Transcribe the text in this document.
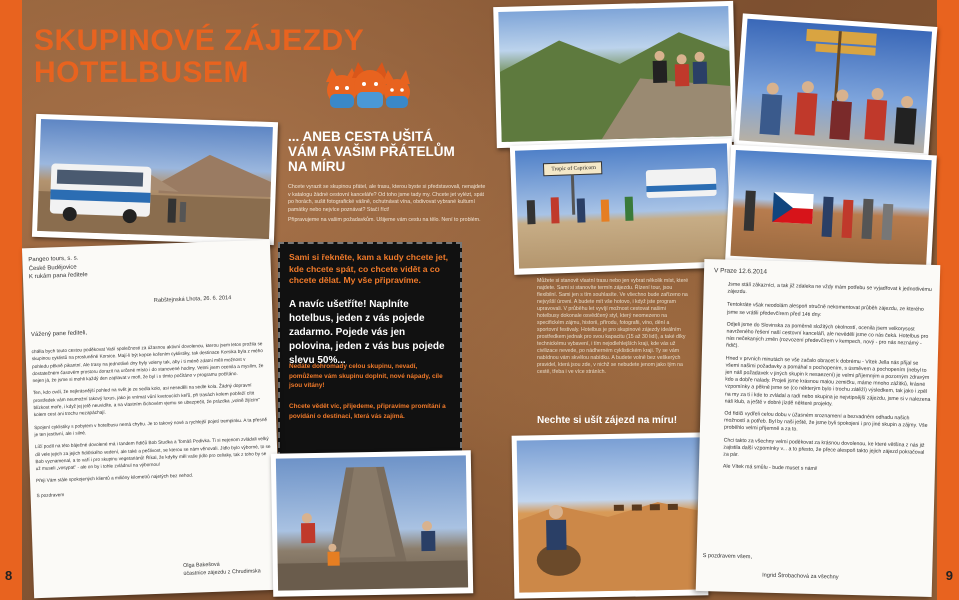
8	9
SKUPINOVÉ ZÁJEZDY
HOTELBUSEM
... ANEB CESTA UŠITÁ
VÁM A VAŠIM PŘÁTELŮM
NA MÍRU
Chcete vyrazit se skupinou přátel, ale trasu, kterou byste si představovali, nenajdete v katalogu žádné cestovní kanceláře? Od toho jsme tady my. Chcete jet vylézt, spát po horách, sušit fotografické vášně, ochutnávat vína, obdivovat vybrané kulturní památky nebo nejvíce poznávat? Stačí říct!
Připravujeme na vašim požadavkům. Ušijeme vám cestu na tělo. Není to problém.
Sami si řekněte, kam a kudy chcete jet, kde chcete spát, co chcete vidět a co chcete dělat. My vše připravíme.
A navíc ušetříte! Naplníte hotelbus, jeden z vás pojede zadarmo. Pojede vás jen polovina, jeden z vás bus pojede slevu 50%...
Nedáte dohromady celou skupinu, nevadí, pomůžeme vám skupinu doplnit, nové nápady, cíle jsou vítány!
Chcete vědět víc, přijedeme, připravíme promítání a povídání o destinaci, která vás zajímá.
Pangeo tours, s. s.
České Budějovice
K rukám pana ředitele
Rabštejnská Lhota, 26. 6. 2014
Vážený pane řediteli,
chtěla bych touto cestou poděkovat Vaší společnosti za úžasnou aktivní dovolenou, kterou jsem letos prožila se skupinou cyklistů na prosluněné Korsice. Mají-li být kopce kořením cyklistiky, tak destinace Korsika byla z mého pohledu pěkně pikantní. Ale trasy na jednotlivé dny byly voleny tak, aby i ti méně zdatní měli možnost v dostatečném časovém prostoru dorazit na určené místo i do stanovené hodiny. Velmi jsem ocenila a myslím, že nejen já, že jsme si mohli každý den zaplavat v moři, že byl i s tímto počítáno v programu počítáno.
Ten, kdo ovdí, že nejkrásnější pohled na svět je ze sedla kolo, asi neseděli na sedle kola. Žádný dopravní prostředek vám neumožní takový luxus, jako je vnímat vůní kvetoucích keřů, při trasách kolem pobřeží cítit blízkost moře, i když jej jetě neuvidíte, a na vlastním čichovém vjemu se ubezpečit, že prázdka „volně žijícím" kolem cest ani trochu nezapáchají.
Spojení cyklistiky s pobytem v hotelbusu nemá chybu. Je to takový nové a rychlejší pojetí trempinku. A ta přesně je ten jestlivní, ale i silné.
Líčí podíl na této báječné dovolené má i tandem řidičů Bob Studka a Tomáš Podivka. Ti si nejenom zvládali velký díl vele jejich za jejich řidičského vedení, ale také a pečlivost, se kterou se nám věnovali. Jídlo bylo výborné, to se Bob vyznamenal, a to vaří i pro skupinu vegetariánů! Říkal, že kdyby měl vaše jídlo pro celiaky, tak z toho by se už museli „vosypat" - ale on by i tohle zvládnul na výbornou!
Přeji Vám stále spokojených klientů a milióny kilometrů najetých bez nehod.
S pozdravem
Olga Bakešová
účastnice zájezdu z Chrudimska
Tropic of Capricorn
Můžete si stanovit vlastní trasu nebo jen vybrat několik míst, které najdete. Sami si stanovíte termín zájezdu. Řízení tour, jsou flexibilní. Sami jen s tím souhlasíte. Ve všechno bude zařízeno na nejvyšší úrovni. A budete mít vše hotovo, i když jste program upravovali. V průběhu let vyvíjí možnost cestovat našimi hotelbusy dokonale osvědčený styl, který neomezeno na specifickém zájmu, historii, přírodu, fotografii, víno, dění a sportovní festivaly. Hotelbus je pro skupinové zájezdy ideálním prostředkem jednak pro svou kapacitu (15 až 30 lidí), a také díky technickému vybavení, i tím nejodlehlejších kraji, kde vás už civilizace nevede, po nádherném cyklistickém kraji. Ty se vám nabídnou vám skvělou nabídku. A budete volně bez veškerých pravidel, která jsou zde, v nichž se nebudete jenom jako tým na cestě, třeba i ve více stráních.
Nechte si ušít zájezd na míru!
V Praze 12.6.2014
Jsme stálí zákazníci, a tak již zdaleka ne vždy mám potřebu se vyjadřovat k jednotlivému zájezdu.
Tentokráte však neodolám alespoň stručně nekomentovat průběh zájezdu, ze kterého jsme se vrátili předevčírem před 14ti dny:
Odjeli jsme do Slovinska za poměrně složitých okolností, ocenila jsem velkorysost navrženého řešení naší cestovní kanceláří, ale nevěděli jsme co nás čeká. Hotelbus pro nás nečekaných změn (rozvození předevčírem v kempech, nový - pro nás neznámý - řidič).
Hned v prvních minutách se vše začalo obracet k dobrému - Vítek Jella nás přijal se všemi našimi požadavky a pomáhal s pochopením, s úsměvem a pochopením (nebyl to jen náš požadavek v jiných skupin k nesaezení) je velmi příjemným a pozorným zdravým kdo a dobře nalady. Projeli jsme krásnou malou zemičku, máme mnoho zážitků, krásné vzpomínky a pěkně jsme se (co některým bylo i trochu zátěží) výsledkem, tak jako i zpěl na my za ti i kde to zvládal a radí nebo skupina je nejvtipnější zájezdu, jsme si v nalezena náš klub, a ještě v dobré jízdě některé projekty.
Od řidiči vydřeli celou dobu v úžasném sroznamení a bezvadném odhadu našich možností a potřeb. Byl by naši ještě, že jsme byli spokojeni i pro jiné skupin a zájmy. Vše proběhlo velmi příjemně a za to.
Chci takto za všechny velmi poděkovat za krásnou dovolenou, ke které většina z nás již zajistila další vzpomínky v... a to přesto, že přece alespoň takto jejich zájezd pokračoval za pár.
Ale Vítek má smůlu - bude muset s námi!
S pozdravem všem,
Ingrid Štrobachová za všechny
